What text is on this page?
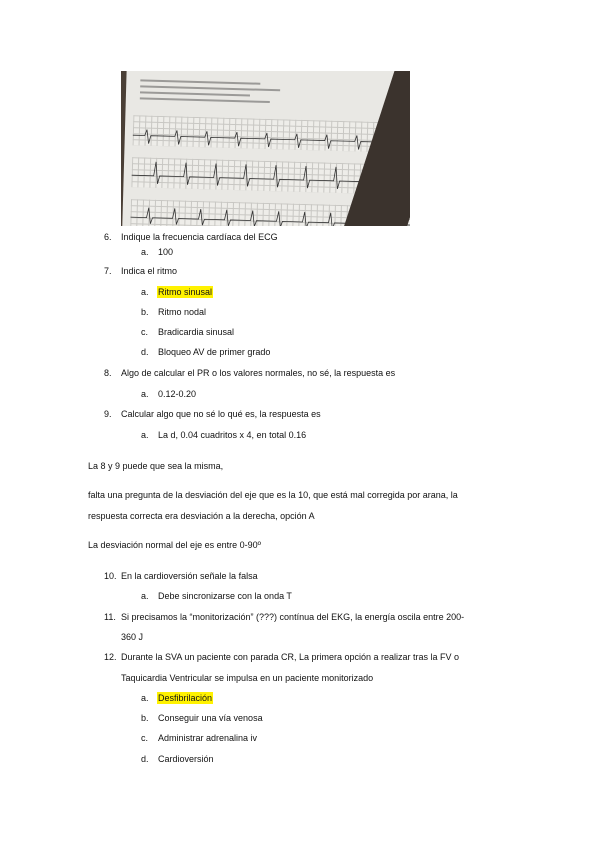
6. Indique la frecuencia cardíaca del ECG
a. 100
7. Indica el ritmo
a. Ritmo sinusal
b. Ritmo nodal
c. Bradicardia sinusal
d. Bloqueo AV de primer grado
8. Algo de calcular el PR o los valores normales, no sé, la respuesta es
a. 0.12-0.20
9. Calcular algo que no sé lo qué es, la respuesta es
a. La d, 0.04 cuadritos x 4, en total 0.16
La 8 y 9 puede que sea la misma,
falta una pregunta de la desviación del eje que es la 10, que está mal corregida por arana, la
respuesta correcta era desviación a la derecha, opción A
La desviación normal del eje es entre 0-90º
10. En la cardioversión señale la falsa
a. Debe sincronizarse con la onda T
11. Si precisamos la “monitorización” (???) contínua del EKG, la energía oscila entre 200-
360 J
12. Durante la SVA un paciente con parada CR, La primera opción a realizar tras la FV o
Taquicardia Ventricular se impulsa en un paciente monitorizado
a. Desfibrilación
b. Conseguir una vía venosa
c. Administrar adrenalina iv
d. Cardioversión
